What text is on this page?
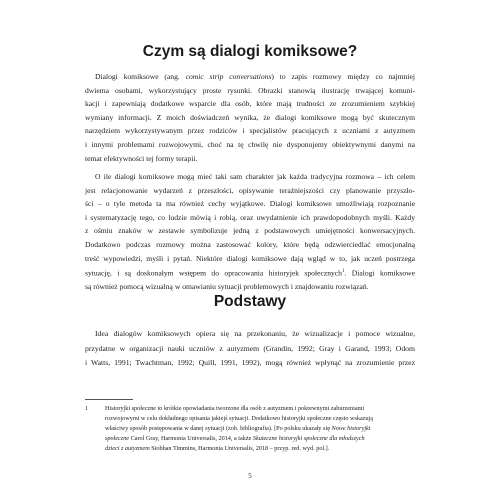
Czym są dialogi komiksowe?
Dialogi komiksowe (ang. comic strip conversations) to zapis rozmowy między co najmniej
dwiema osobami, wykorzystujący proste rysunki. Obrazki stanowią ilustrację trwającej komuni-
kacji i zapewniają dodatkowe wsparcie dla osób, które mają trudności ze zrozumieniem szybkiej
wymiany informacji. Z moich doświadczeń wynika, że dialogi komiksowe mogą być skutecznym
narzędziem wykorzystywanym przez rodziców i specjalistów pracujących z uczniami z autyzmem
i innymi problemami rozwojowymi, choć na tę chwilę nie dysponujemy obiektywnymi danymi na
temat efektywności tej formy terapii.
O ile dialogi komiksowe mogą mieć taki sam charakter jak każda tradycyjna rozmowa – ich celem
jest relacjonowanie wydarzeń z przeszłości, opisywanie teraźniejszości czy planowanie przyszło-
ści – o tyle metoda ta ma również cechy wyjątkowe. Dialogi komiksowe umożliwiają rozpoznanie
i systematyzację tego, co ludzie mówią i robią, oraz uwydatnienie ich prawdopodobnych myśli. Każdy
z ośmiu znaków w zestawie symbolizuje jedną z podstawowych umiejętności konwersacyjnych.
Dodatkowo podczas rozmowy można zastosować kolory, które będą odzwierciedlać emocjonalną
treść wypowiedzi, myśli i pytań. Niektóre dialogi komiksowe dają wgląd w to, jak uczeń postrzega
sytuację, i są doskonałym wstępem do opracowania historyjek społecznych$^1$. Dialogi komiksowe
są również pomocą wizualną w omawianiu sytuacji problemowych i znajdowaniu rozwiązań.
Podstawy
Idea dialogów komiksowych opiera się na przekonaniu, że wizualizacje i pomoce wizualne,
przydatne w organizacji nauki uczniów z autyzmem (Grandin, 1992; Gray i Garand, 1993; Odom
i Watts, 1991; Twachtman, 1992; Quill, 1991, 1992), mogą również wpłynąć na zrozumienie przez
1	Historyjki społeczne to krótkie opowiadania tworzone dla osób z autyzmem i pokrewnymi zaburzeniami
rozwojowymi w celu dokładnego opisania jakiejś sytuacji. Dodatkowo historyjki społeczne często wskazują
właściwy sposób postępowania w danej sytuacji (zob. bibliografia). [Po polsku ukazały się Nowe historyjki
społeczne Carol Gray, Harmonia Universalis, 2014, a także Skuteczne historyjki społeczne dla młodszych
dzieci z autyzmem Siobhan Timmins, Harmonia Universalis, 2018 – przyp. red. wyd. pol.].
5
